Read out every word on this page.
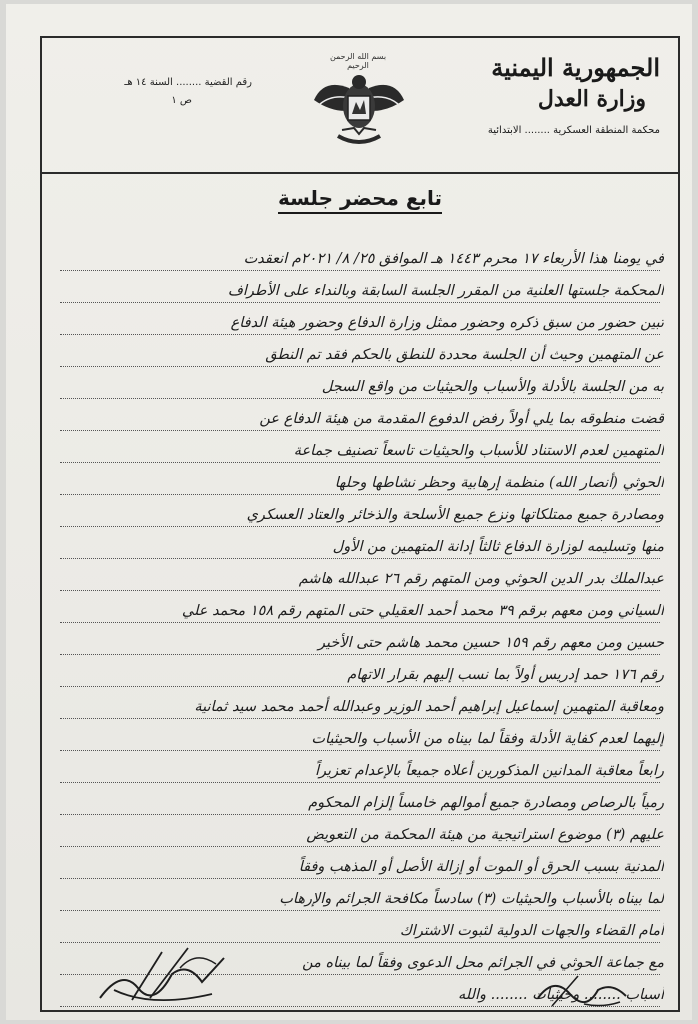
الجمهورية اليمنية
وزارة العدل
محكمة المنطقة العسكرية ........ الابتدائية
بسم الله الرحمن الرحيم
رقم القضية ........ السنة ١٤ هـ
ص ١
تابع محضر جلسة
في يومنا هذا الأربعاء ١٧ محرم ١٤٤٣ هـ الموافق ٢٥/ ٨/ ٢٠٢١م انعقدت
المحكمة جلستها العلنية من المقرر الجلسة السابقة وبالنداء على الأطراف
تبين حضور من سبق ذكره وحضور ممثل وزارة الدفاع وحضور هيئة الدفاع
عن المتهمين وحيث أن الجلسة محددة للنطق بالحكم فقد تم النطق
به من الجلسة بالأدلة والأسباب والحيثيات من واقع السجل
قضت منطوقه بما يلي أولاً رفض الدفوع المقدمة من هيئة الدفاع عن
المتهمين لعدم الاستناد للأسباب والحيثيات تاسعاً تصنيف جماعة
الحوثي (أنصار الله) منظمة إرهابية وحظر نشاطها وحلها
ومصادرة جميع ممتلكاتها ونزع جميع الأسلحة والذخائر والعتاد العسكري
منها وتسليمه لوزارة الدفاع ثالثاً إدانة المتهمين من الأول
عبدالملك بدر الدين الحوثي ومن المتهم رقم ٢٦ عبدالله هاشم
السياني ومن معهم برقم ٣٩ محمد أحمد العقيلي حتى المتهم رقم ١٥٨ محمد علي
حسين ومن معهم رقم ١٥٩ حسين محمد هاشم حتى الأخير
رقم ١٧٦ حمد إدريس أولاً بما نسب إليهم بقرار الاتهام
ومعاقبة المتهمين إسماعيل إبراهيم أحمد الوزير وعبدالله أحمد محمد سيد ثمانية
إليهما لعدم كفاية الأدلة وفقاً لما بيناه من الأسباب والحيثيات
رابعاً معاقبة المدانين المذكورين أعلاه جميعاً بالإعدام تعزيراً
رمياً بالرصاص ومصادرة جميع أموالهم خامساً إلزام المحكوم
عليهم (٣) موضوع استراتيجية من هيئة المحكمة من التعويض
المدنية بسبب الحرق أو الموت أو إزالة الأصل أو المذهب وفقاً
لما بيناه بالأسباب والحيثيات (٣) سادساً مكافحة الجرائم والإرهاب
أمام القضاء والجهات الدولية لثبوت الاشتراك
مع جماعة الحوثي في الجرائم محل الدعوى وفقاً لما بيناه من
أسباب ........ وحيثيات ........ والله
